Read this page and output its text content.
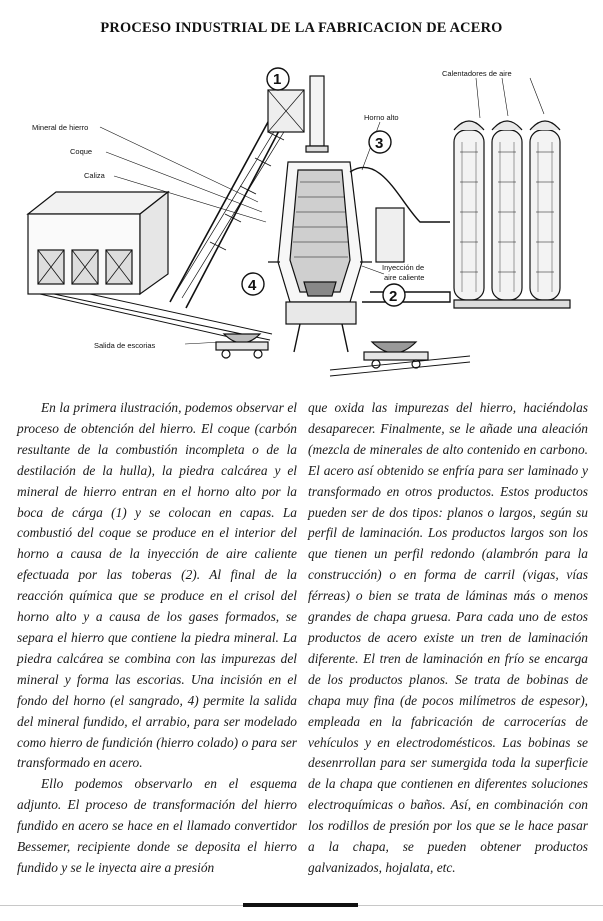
PROCESO INDUSTRIAL DE LA FABRICACION DE ACERO
Mineral de hierro
Coque
Caliza
Horno alto
Calentadores de aire
Inyección de
aire caliente
Salida de escorias
1
2
3
4

En la primera ilustración, podemos observar el proceso de obtención del hierro. El coque (carbón resultante de la combustión incompleta o de la destilación de la hulla), la piedra calcárea y el mineral de hierro entran en el horno alto por la boca de cárga (1) y se colocan en capas. La combustió del coque se produce en el interior del horno a causa de la inyección de aire caliente efectuada por las toberas (2). Al final de la reacción química que se produce en el crisol del horno alto y a causa de los gases formados, se separa el hierro que contiene la piedra mineral. La piedra calcárea se combina con las impurezas del mineral y forma las escorias. Una incisión en el fondo del horno (el sangrado, 4) permite la salida del mineral fundido, el arrabio, para ser modelado como hierro de fundición (hierro colado) o para ser transformado en acero.

Ello podemos observarlo en el esquema adjunto. El proceso de transformación del hierro fundido en acero se hace en el llamado convertidor Bessemer, recipiente donde se deposita el hierro fundido y se le inyecta aire a presión

que oxida las impurezas del hierro, haciéndolas desaparecer. Finalmente, se le añade una aleación (mezcla de minerales de alto contenido en carbono. El acero así obtenido se enfría para ser laminado y transformado en otros productos. Estos productos pueden ser de dos tipos: planos o largos, según su perfil de laminación. Los productos largos son los que tienen un perfil redondo (alambrón para la construcción) o en forma de carril (vigas, vías férreas) o bien se trata de láminas más o menos grandes de chapa gruesa. Para cada uno de estos productos de acero existe un tren de laminación diferente. El tren de laminación en frío se encarga de los productos planos. Se trata de bobinas de chapa muy fina (de pocos milímetros de espesor), empleada en la fabricación de carrocerías de vehículos y en electrodomésticos. Las bobinas se desenrrollan para ser sumergida toda la superficie de la chapa que contienen en diferentes soluciones electroquímicas o baños. Así, en combinación con los rodillos de presión por los que se le hace pasar a la chapa, se pueden obtener productos galvanizados, hojalata, etc.
